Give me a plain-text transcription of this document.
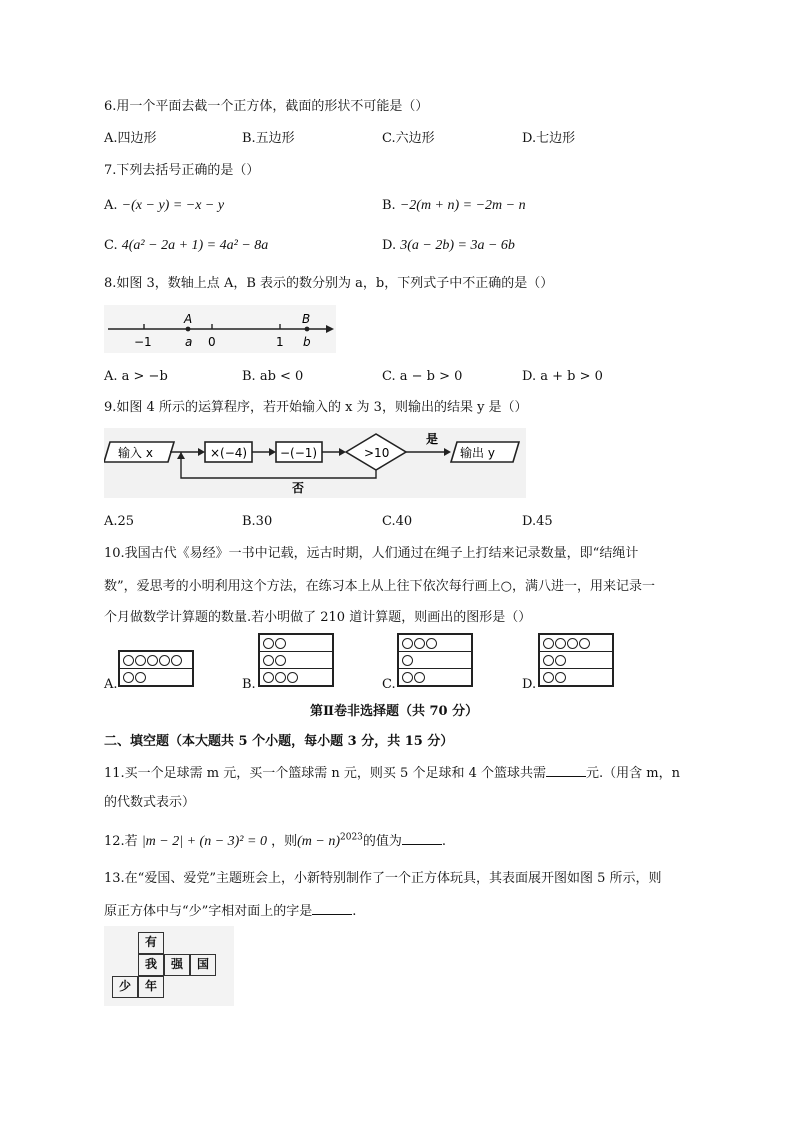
6.用一个平面去截一个正方体，截面的形状不可能是（）
A.四边形	B.五边形	C.六边形	D.七边形
7.下列去括号正确的是（）
A. −(x − y) = −x − y	B. −2(m + n) = −2m − n
C. 4(a² − 2a + 1) = 4a² − 8a	D. 3(a − 2b) = 3a − 6b
8.如图 3，数轴上点 A，B 表示的数分别为 a，b，下列式子中不正确的是（）
A	B
−1	a 0	1 b
A. a > −b	B. ab < 0	C. a − b > 0	D. a + b > 0
9.如图 4 所示的运算程序，若开始输入的 x 为 3，则输出的结果 y 是（）
输入 x	×(−4)	−(−1)	>10
是
输出 y
否
A.25	B.30	C.40	D.45
10.我国古代《易经》一书中记载，远古时期，人们通过在绳子上打结来记录数量，即“结绳计
数”，爱思考的小明利用这个方法，在练习本上从上往下依次每行画上○，满八进一，用来记录一
个月做数学计算题的数量.若小明做了 210 道计算题，则画出的图形是（）
A.	B.	C.	D.
第Ⅱ卷非选择题（共 70 分）
二、填空题（本大题共 5 个小题，每小题 3 分，共 15 分）
11.买一个足球需 m 元，买一个篮球需 n 元，则买 5 个足球和 4 个篮球共需	元.（用含 m，n
的代数式表示）
12.若 |m − 2| + (n − 3)² = 0 ，则$(m - n)^{2023}$的值为	.
13.在“爱国、爱党”主题班会上，小新特别制作了一个正方体玩具，其表面展开图如图 5 所示，则
原正方体中与“少”字相对面上的字是	.
有
我	强	国
少	年
